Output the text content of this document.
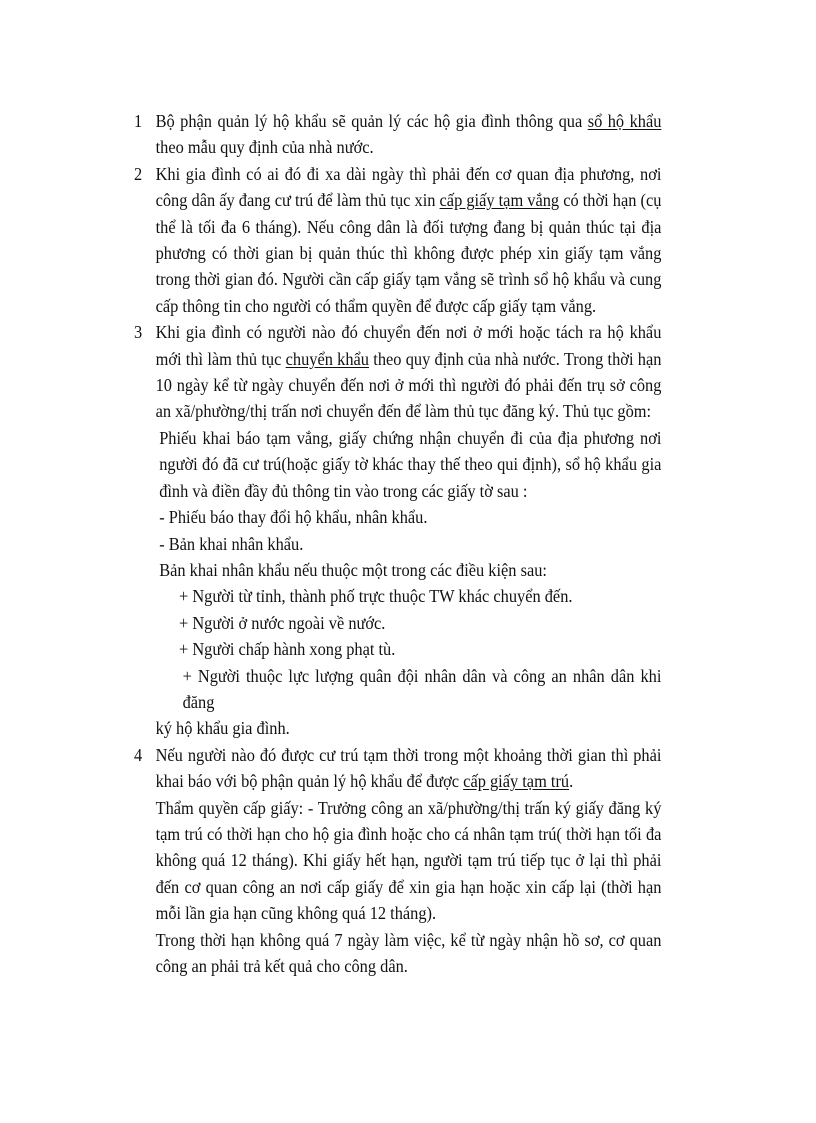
1 Bộ phận quản lý hộ khẩu sẽ quản lý các hộ gia đình thông qua sổ hộ khẩu theo mẫu quy định của nhà nước.

2 Khi gia đình có ai đó đi xa dài ngày thì phải đến cơ quan địa phương, nơi công dân ấy đang cư trú để làm thủ tục xin cấp giấy tạm vắng có thời hạn (cụ thể là tối đa 6 tháng). Nếu công dân là đối tượng đang bị quản thúc tại địa phương có thời gian bị quản thúc thì không được phép xin giấy tạm vắng trong thời gian đó. Người cần cấp giấy tạm vắng sẽ trình sổ hộ khẩu và cung cấp thông tin cho người có thẩm quyền để được cấp giấy tạm vắng.

3 Khi gia đình có người nào đó chuyển đến nơi ở mới hoặc tách ra hộ khẩu mới thì làm thủ tục chuyển khẩu theo quy định của nhà nước. Trong thời hạn 10 ngày kể từ ngày chuyển đến nơi ở mới thì người đó phải đến trụ sở công an xã/phường/thị trấn nơi chuyển đến để làm thủ tục đăng ký. Thủ tục gồm:

Phiếu khai báo tạm vắng, giấy chứng nhận chuyển đi của địa phương nơi người đó đã cư trú(hoặc giấy tờ khác thay thế theo qui định), sổ hộ khẩu gia đình và điền đầy đủ thông tin vào trong các giấy tờ sau :

- Phiếu báo thay đổi hộ khẩu, nhân khẩu.

- Bản khai nhân khẩu.

Bản khai nhân khẩu nếu thuộc một trong các điều kiện sau:

+ Người từ tỉnh, thành phố trực thuộc TW khác chuyển đến.

+ Người ở nước ngoài về nước.

+ Người chấp hành xong phạt tù.

+ Người thuộc lực lượng quân đội nhân dân và công an nhân dân khi đăng

ký hộ khẩu gia đình.

4 Nếu người nào đó được cư trú tạm thời trong một khoảng thời gian thì phải khai báo với bộ phận quản lý hộ khẩu để được cấp giấy tạm trú.

Thẩm quyền cấp giấy: - Trưởng công an xã/phường/thị trấn ký giấy đăng ký tạm trú có thời hạn cho hộ gia đình hoặc cho cá nhân tạm trú( thời hạn tối đa không quá 12 tháng). Khi giấy hết hạn, người tạm trú tiếp tục ở lại thì phải đến cơ quan công an nơi cấp giấy để xin gia hạn hoặc xin cấp lại (thời hạn mỗi lần gia hạn cũng không quá 12 tháng).

Trong thời hạn không quá 7 ngày làm việc, kể từ ngày nhận hồ sơ, cơ quan công an phải trả kết quả cho công dân.
